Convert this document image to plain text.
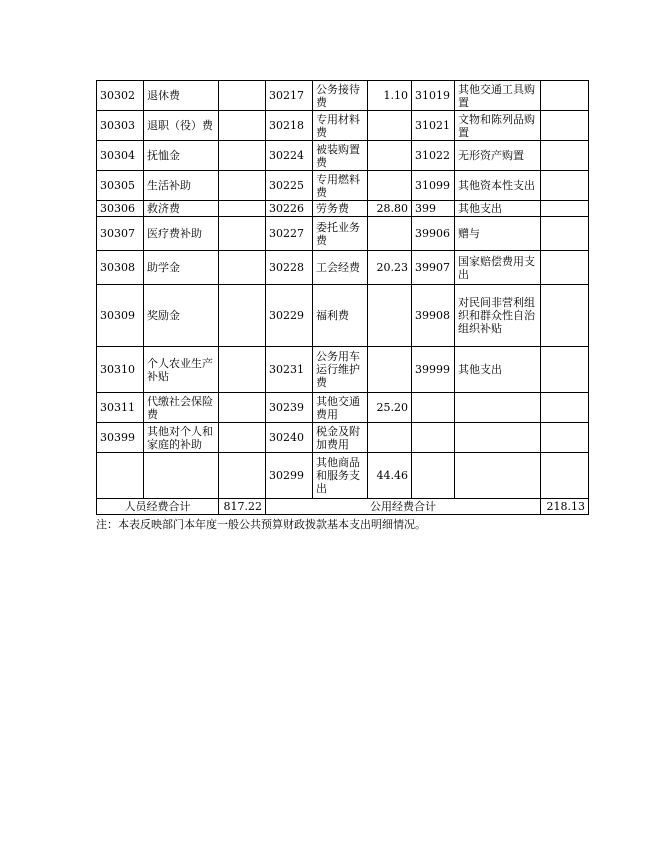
30302	退休费		30217	公务接待费	1.10	31019	其他交通工具购置	
30303	退职（役）费		30218	专用材料费		31021	文物和陈列品购置	
30304	抚恤金		30224	被装购置费		31022	无形资产购置	
30305	生活补助		30225	专用燃料费		31099	其他资本性支出	
30306	救济费		30226	劳务费	28.80	399	其他支出	
30307	医疗费补助		30227	委托业务费		39906	赠与	
30308	助学金		30228	工会经费	20.23	39907	国家赔偿费用支出	
30309	奖励金		30229	福利费		39908	对民间非营利组织和群众性自治组织补贴	
30310	个人农业生产补贴		30231	公务用车运行维护费		39999	其他支出	
30311	代缴社会保险费		30239	其他交通费用	25.20			
30399	其他对个人和家庭的补助		30240	税金及附加费用				
			30299	其他商品和服务支出	44.46			
人员经费合计		817.22	公用经费合计					218.13
注：本表反映部门本年度一般公共预算财政拨款基本支出明细情况。
